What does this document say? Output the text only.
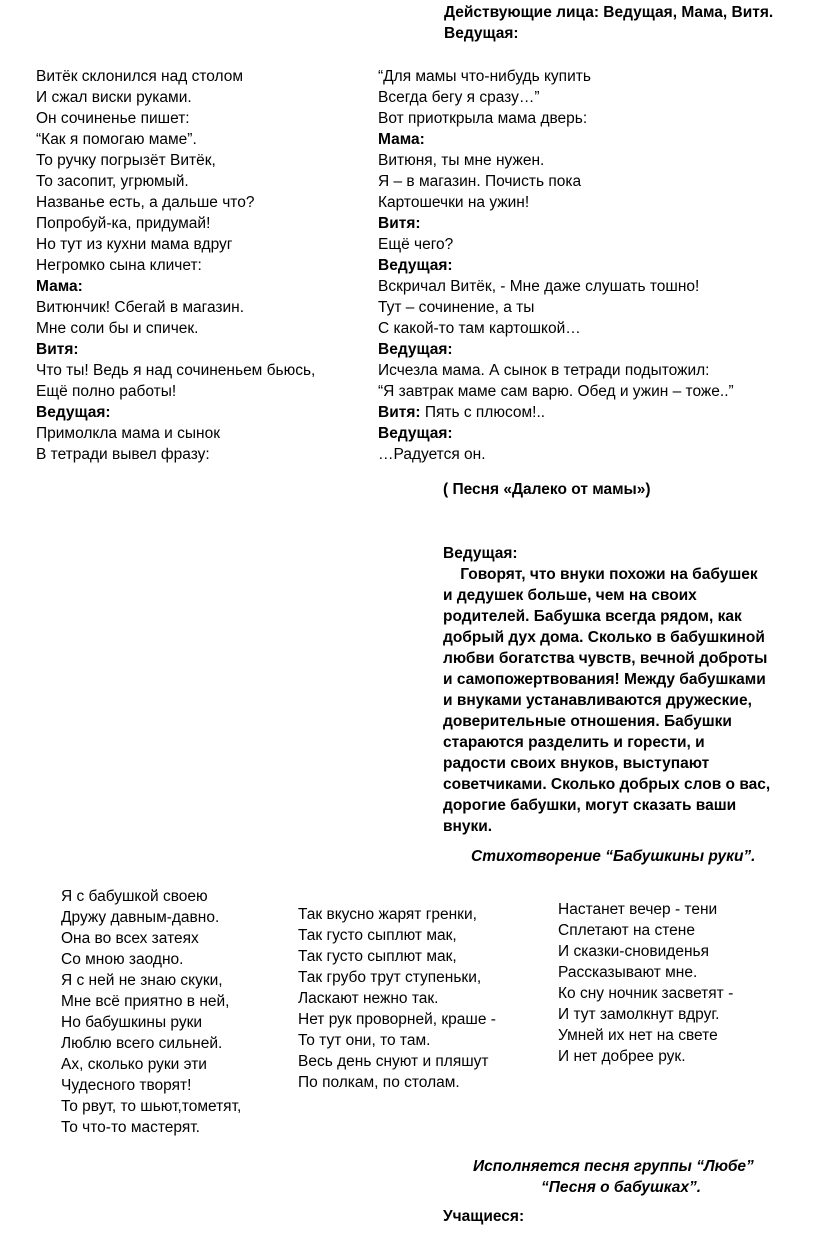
Действующие лица: Ведущая, Мама, Витя.
Ведущая:
Витёк склонился над столом
И сжал виски руками.
Он сочиненье пишет:
“Как я помогаю маме”.
То ручку погрызёт Витёк,
То засопит, угрюмый.
Названье есть, а дальше что?
Попробуй-ка, придумай!
Но тут из кухни мама вдруг
Негромко сына кличет:
Мама:
Витюнчик! Сбегай в магазин.
Мне соли бы и спичек.
Витя:
Что ты! Ведь я над сочиненьем бьюсь,
Ещё полно работы!
Ведущая:
Примолкла мама и сынок
В тетради вывел фразу:
“Для мамы что-нибудь купить
Всегда бегу я сразу…”
Вот приоткрыла мама дверь:
Мама:
Витюня, ты мне нужен.
Я – в магазин. Почисть пока
Картошечки на ужин!
Витя:
Ещё чего?
Ведущая:
Вскричал Витёк, - Мне даже слушать тошно!
Тут – сочинение, а ты
С какой-то там картошкой…
Ведущая:
Исчезла мама. А сынок в тетради подытожил:
“Я завтрак маме сам варю. Обед и ужин – тоже..”
Витя: Пять с плюсом!..
Ведущая:
…Радуется он.
( Песня «Далеко от мамы»)
Ведущая:
Говорят, что внуки похожи на бабушек
и дедушек больше, чем на своих
родителей. Бабушка всегда рядом, как
добрый дух дома. Сколько в бабушкиной
любви богатства чувств, вечной доброты
и самопожертвования! Между бабушками
и внуками устанавливаются дружеские,
доверительные отношения. Бабушки
стараются разделить и горести, и
радости своих внуков, выступают
советчиками. Сколько добрых слов о вас,
дорогие бабушки, могут сказать ваши
внуки.
Стихотворение “Бабушкины руки”.
Я с бабушкой своею
Дружу давным-давно.
Она во всех затеях
Со мною заодно.
Я с ней не знаю скуки,
Мне всё приятно в ней,
Но бабушкины руки
Люблю всего сильней.
Ах, сколько руки эти
Чудесного творят!
То рвут, то шьют,тометят,
То что-то мастерят.
Так вкусно жарят гренки,
Так густо сыплют мак,
Так густо сыплют мак,
Так грубо трут ступеньки,
Ласкают нежно так.
Нет рук проворней, краше -
То тут они, то там.
Весь день снуют и пляшут
По полкам, по столам.
Настанет вечер - тени
Сплетают на стене
И сказки-сновиденья
Рассказывают мне.
Ко сну ночник засветят -
И тут замолкнут вдруг.
Умней их нет на свете
И нет добрее рук.
Исполняется песня группы “Любе”
“Песня о бабушках”.
Учащиеся:
